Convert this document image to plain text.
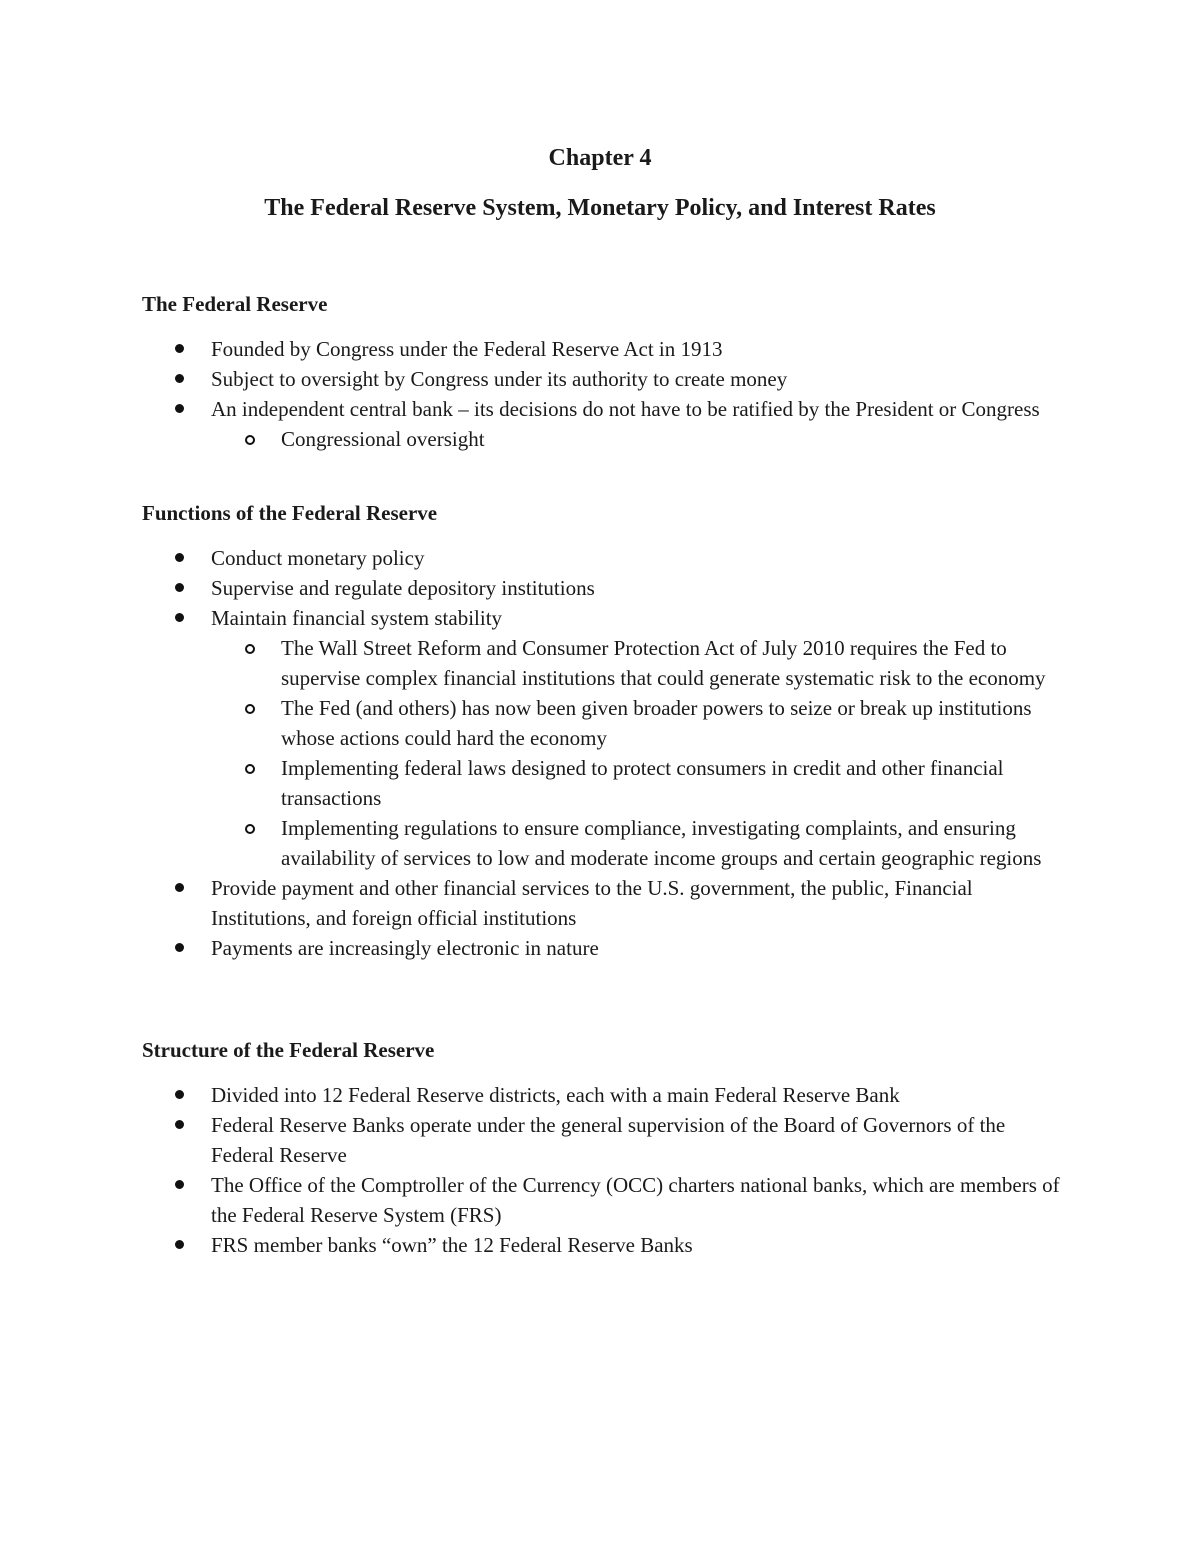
Chapter 4
The Federal Reserve System, Monetary Policy, and Interest Rates
The Federal Reserve
Founded by Congress under the Federal Reserve Act in 1913
Subject to oversight by Congress under its authority to create money
An independent central bank – its decisions do not have to be ratified by the President or Congress
Congressional oversight
Functions of the Federal Reserve
Conduct monetary policy
Supervise and regulate depository institutions
Maintain financial system stability
The Wall Street Reform and Consumer Protection Act of July 2010 requires the Fed to supervise complex financial institutions that could generate systematic risk to the economy
The Fed (and others) has now been given broader powers to seize or break up institutions whose actions could hard the economy
Implementing federal laws designed to protect consumers in credit and other financial transactions
Implementing regulations to ensure compliance, investigating complaints, and ensuring availability of services to low and moderate income groups and certain geographic regions
Provide payment and other financial services to the U.S. government, the public, Financial Institutions, and foreign official institutions
Payments are increasingly electronic in nature
Structure of the Federal Reserve
Divided into 12 Federal Reserve districts, each with a main Federal Reserve Bank
Federal Reserve Banks operate under the general supervision of the Board of Governors of the Federal Reserve
The Office of the Comptroller of the Currency (OCC) charters national banks, which are members of the Federal Reserve System (FRS)
FRS member banks “own” the 12 Federal Reserve Banks
